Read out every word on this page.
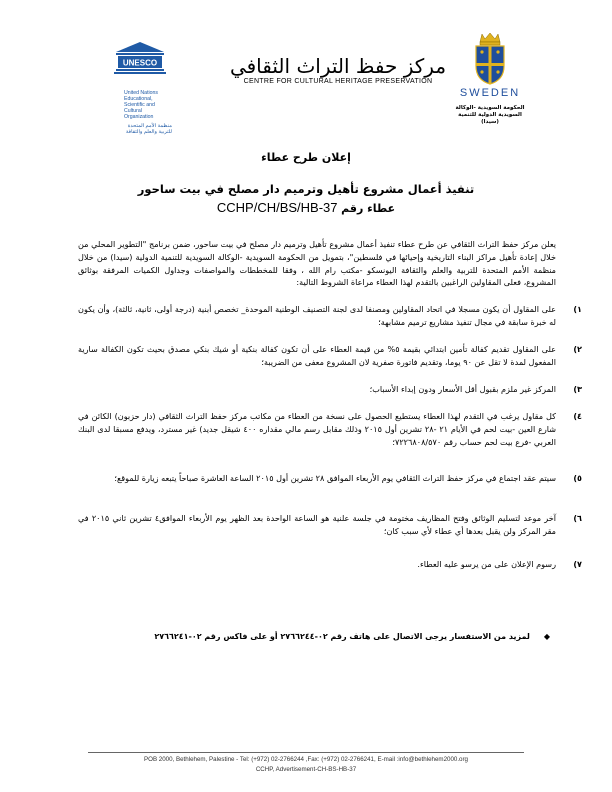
UNESCO
United Nations
Educational, Scientific and
Cultural Organization
منظمة الأمم المتحدة
للتربية والعلم والثقافة
مركز حفظ التراث الثقافي
CENTRE FOR CULTURAL HERITAGE PRESERVATION
SWEDEN
الحكومة السويدية -الوكالة
السويدية الدولية للتنمية (سيدا)
إعلان طرح عطاء
تنفيذ أعمال مشروع تأهيل وترميم دار مصلح في بيت ساحور
CCHP/CH/BS/HB-37 عطاء رقم
يعلن مركز حفظ التراث الثقافي عن طرح عطاء تنفيذ أعمال مشروع تأهيل وترميم دار مصلح في بيت ساحور، ضمن برنامج "التطوير المحلي من خلال إعادة تأهيل مراكز البناء التاريخية وإحيائها في فلسطين"، بتمويل من الحكومة السويدية -الوكالة السويدية للتنمية الدولية (سيدا) من خلال منظمة الأمم المتحدة للتربية والعلم والثقافة اليونسكو -مكتب رام الله ، وفقا للمخططات والمواصفات وجداول الكميات المرفقة بوثائق المشروع، فعلى المقاولين الراغبين بالتقدم لهذا العطاء مراعاة الشروط التالية:
١)
على المقاول أن يكون مسجلا في اتحاد المقاولين ومصنفا لدى لجنة التصنيف الوطنية الموحدة_ تخصص أبنية (درجة أولى، ثانية، ثالثة)، وأن يكون له خبرة سابقة في مجال تنفيذ مشاريع ترميم مشابهة؛
٢)
على المقاول تقديم كفالة تأمين ابتدائي بقيمة ٥% من قيمة العطاء على أن تكون كفالة بنكية أو شيك بنكي مصدق بحيث تكون الكفالة سارية المفعول لمدة لا تقل عن ٩٠ يوما، وتقديم فاتورة صفرية لان المشروع معفى من الضريبة؛
٣)
المركز غير ملزم بقبول أقل الأسعار ودون إبداء الأسباب؛
٤)
كل مقاول يرغب في التقدم لهذا العطاء يستطيع الحصول على نسخة من العطاء من مكاتب مركز حفظ التراث الثقافي (دار حزبون) الكائن في شارع العين -بيت لحم في الأيام ٢١ -٢٨ تشرين أول ٢٠١٥ وذلك مقابل رسم مالي مقداره ٤٠٠ شيقل جديد) غير مسترد، ويدفع مسبقا لدى البنك العربي -فرع بيت لحم حساب رقم ٧٢٢٦٨٠٨/٥٧٠؛
٥)
سيتم عقد اجتماع في مركز حفظ التراث الثقافي يوم الأربعاء الموافق ٢٨ تشرين أول ٢٠١٥ الساعة العاشرة صباحاً يتبعه زيارة للموقع؛
٦)
آخر موعد لتسليم الوثائق وفتح المظاريف مختومة في جلسة علنية هو الساعة الواحدة بعد الظهر يوم الأربعاء الموافق٤ تشرين ثاني ٢٠١٥ في مقر المركز ولن يقبل بعدها أي عطاء لأي سبب كان؛
٧)
رسوم الإعلان على من يرسو عليه العطاء.
◆لمزيد من الاستفسار يرجى الاتصال على هاتف رقم ٠٢-٢٧٦٦٢٤٤ أو على فاكس رقم ٠٢-٢٧٦٦٢٤١
POB 2000, Bethlehem, Palestine - Tel: (+972) 02-2766244 ,Fax: (+972) 02-2766241, E-mail :info@bethlehem2000.org
CCHP, Advertisement-CH-BS-HB-37
